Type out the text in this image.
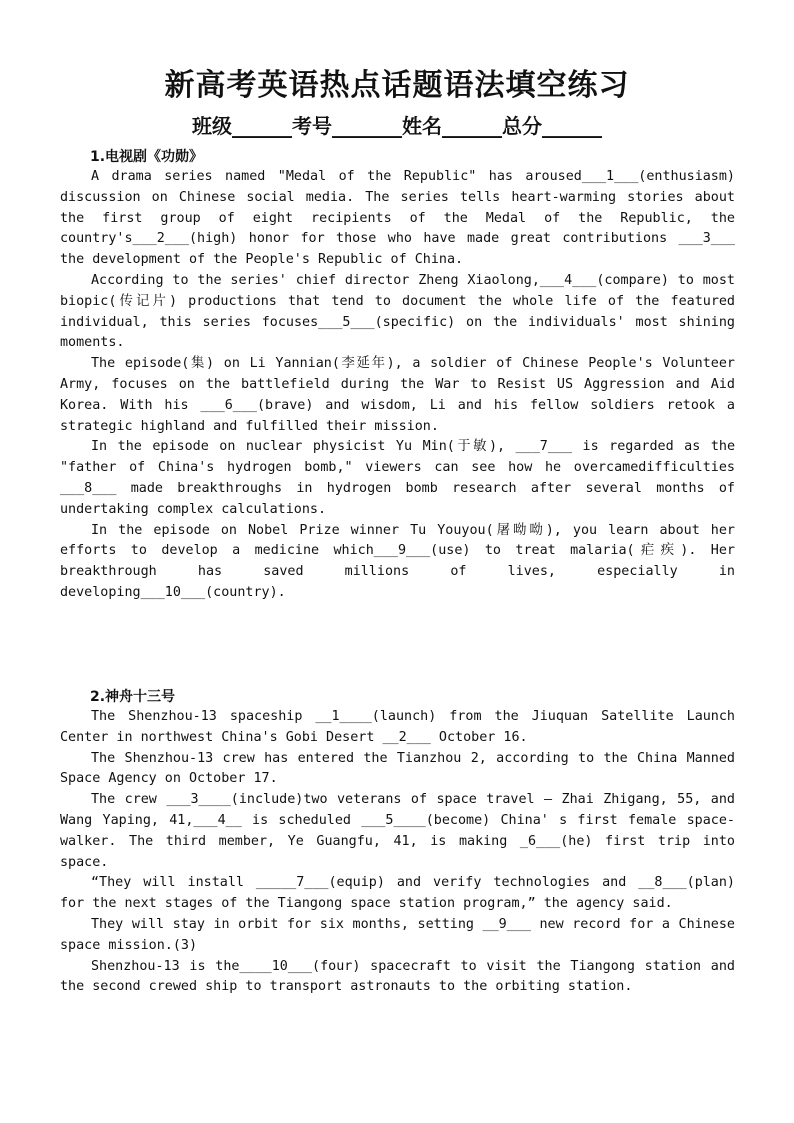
新高考英语热点话题语法填空练习
班级______考号_______姓名______总分______
1.电视剧《功勋》

A drama series named "Medal of the Republic" has aroused___1___(enthusiasm) discussion on Chinese social media. The series tells heart-warming stories about the first group of eight recipients of the Medal of the Republic, the country's___2___(high) honor for those who have made great contributions ___3___ the development of the People's Republic of China.

According to the series' chief director Zheng Xiaolong,___4___(compare) to most biopic(传记片) productions that tend to document the whole life of the featured individual, this series focuses___5___(specific) on the individuals' most shining moments.

The episode(集) on Li Yannian(李延年), a soldier of Chinese People's Volunteer Army, focuses on the battlefield during the War to Resist US Aggression and Aid Korea. With his ___6___(brave) and wisdom, Li and his fellow soldiers retook a strategic highland and fulfilled their mission.

In the episode on nuclear physicist Yu Min(于敏), ___7___ is regarded as the "father of China's hydrogen bomb," viewers can see how he overcamedifficulties ___8___ made breakthroughs in hydrogen bomb research after several months of undertaking complex calculations.

In the episode on Nobel Prize winner Tu Youyou(屠呦呦), you learn about her efforts to develop a medicine which___9___(use) to treat malaria(疟疾). Her breakthrough has saved millions of lives, especially in developing___10___(country).

2.神舟十三号

The Shenzhou-13 spaceship __1____(launch) from the Jiuquan Satellite Launch Center in northwest China's Gobi Desert __2___ October 16.

The Shenzhou-13 crew has entered the Tianzhou 2, according to the China Manned Space Agency on October 17.

The crew ___3____(include)two veterans of space travel — Zhai Zhigang, 55, and Wang Yaping, 41,___4__ is scheduled ___5____(become) China' s first female space-walker. The third member, Ye Guangfu, 41, is making _6___(he) first trip into space.

“They will install _____7___(equip) and verify technologies and __8___(plan) for the next stages of the Tiangong space station program,” the agency said.

They will stay in orbit for six months, setting __9___ new record for a Chinese space mission.(3)

Shenzhou-13 is the____10___(four) spacecraft to visit the Tiangong station and the second crewed ship to transport astronauts to the orbiting station.
